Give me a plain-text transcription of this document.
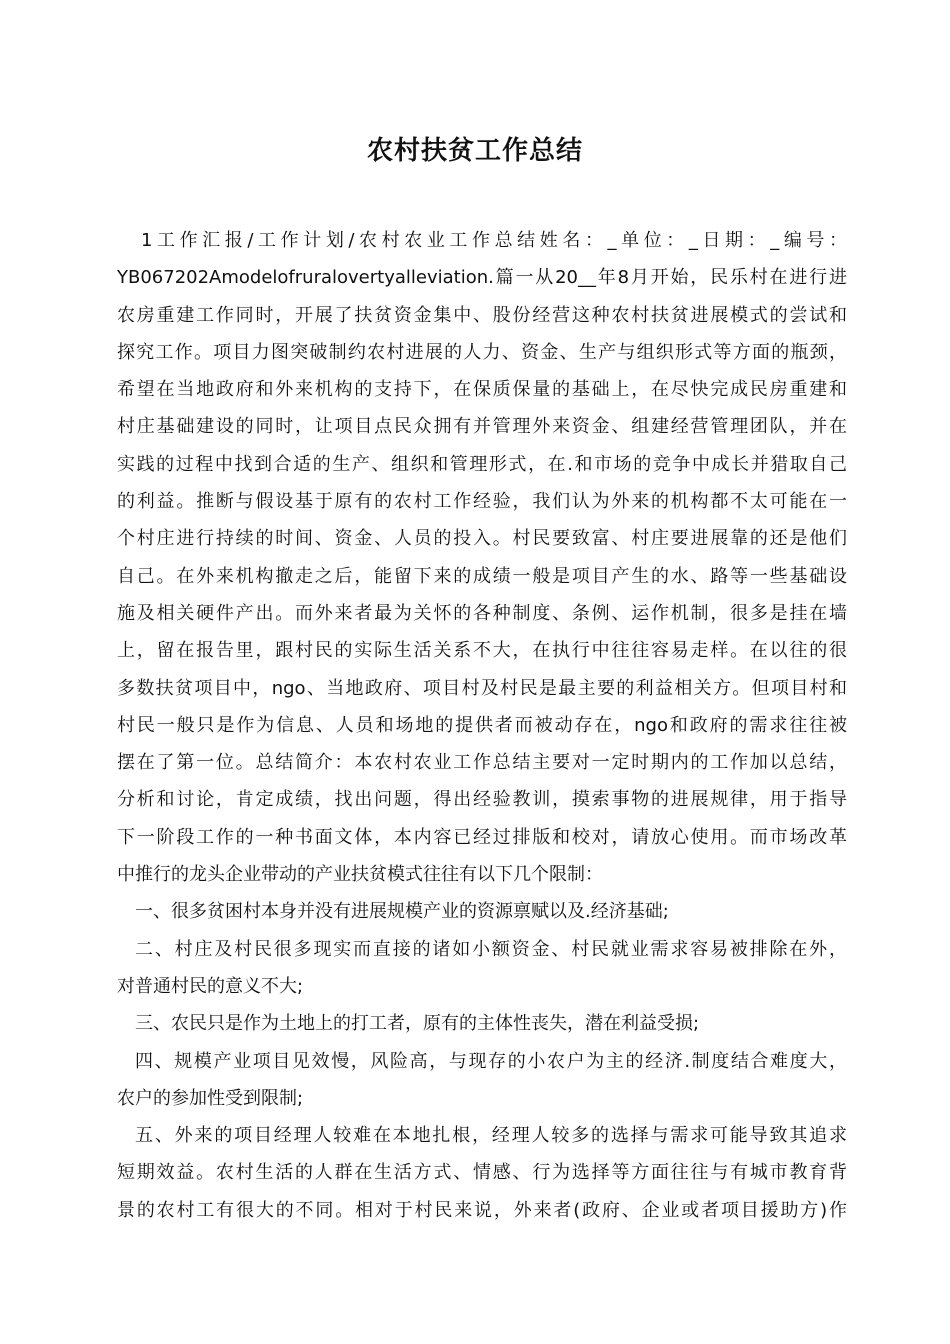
农村扶贫工作总结
1工作汇报/工作计划/农村农业工作总结姓名：_单位：_日期：_编号：
YB067202Amodelofruralovertyalleviation.篇一从20__年8月开始，民乐村在进行进
农房重建工作同时，开展了扶贫资金集中、股份经营这种农村扶贫进展模式的尝试和
探究工作。项目力图突破制约农村进展的人力、资金、生产与组织形式等方面的瓶颈，
希望在当地政府和外来机构的支持下，在保质保量的基础上，在尽快完成民房重建和
村庄基础建设的同时，让项目点民众拥有并管理外来资金、组建经营管理团队，并在
实践的过程中找到合适的生产、组织和管理形式，在.和市场的竞争中成长并猎取自己
的利益。推断与假设基于原有的农村工作经验，我们认为外来的机构都不太可能在一
个村庄进行持续的时间、资金、人员的投入。村民要致富、村庄要进展靠的还是他们
自己。在外来机构撤走之后，能留下来的成绩一般是项目产生的水、路等一些基础设
施及相关硬件产出。而外来者最为关怀的各种制度、条例、运作机制，很多是挂在墙
上，留在报告里，跟村民的实际生活关系不大，在执行中往往容易走样。在以往的很
多数扶贫项目中，ngo、当地政府、项目村及村民是最主要的利益相关方。但项目村和
村民一般只是作为信息、人员和场地的提供者而被动存在，ngo和政府的需求往往被
摆在了第一位。总结简介：本农村农业工作总结主要对一定时期内的工作加以总结，
分析和讨论，肯定成绩，找出问题，得出经验教训，摸索事物的进展规律，用于指导
下一阶段工作的一种书面文体，本内容已经过排版和校对，请放心使用。而市场改革
中推行的龙头企业带动的产业扶贫模式往往有以下几个限制：
一、很多贫困村本身并没有进展规模产业的资源禀赋以及.经济基础;
二、村庄及村民很多现实而直接的诸如小额资金、村民就业需求容易被排除在外，
对普通村民的意义不大;
三、农民只是作为土地上的打工者，原有的主体性丧失，潜在利益受损;
四、规模产业项目见效慢，风险高，与现存的小农户为主的经济.制度结合难度大，
农户的参加性受到限制;
五、外来的项目经理人较难在本地扎根，经理人较多的选择与需求可能导致其追求
短期效益。农村生活的人群在生活方式、情感、行为选择等方面往往与有城市教育背
景的农村工有很大的不同。相对于村民来说，外来者(政府、企业或者项目援助方)作
